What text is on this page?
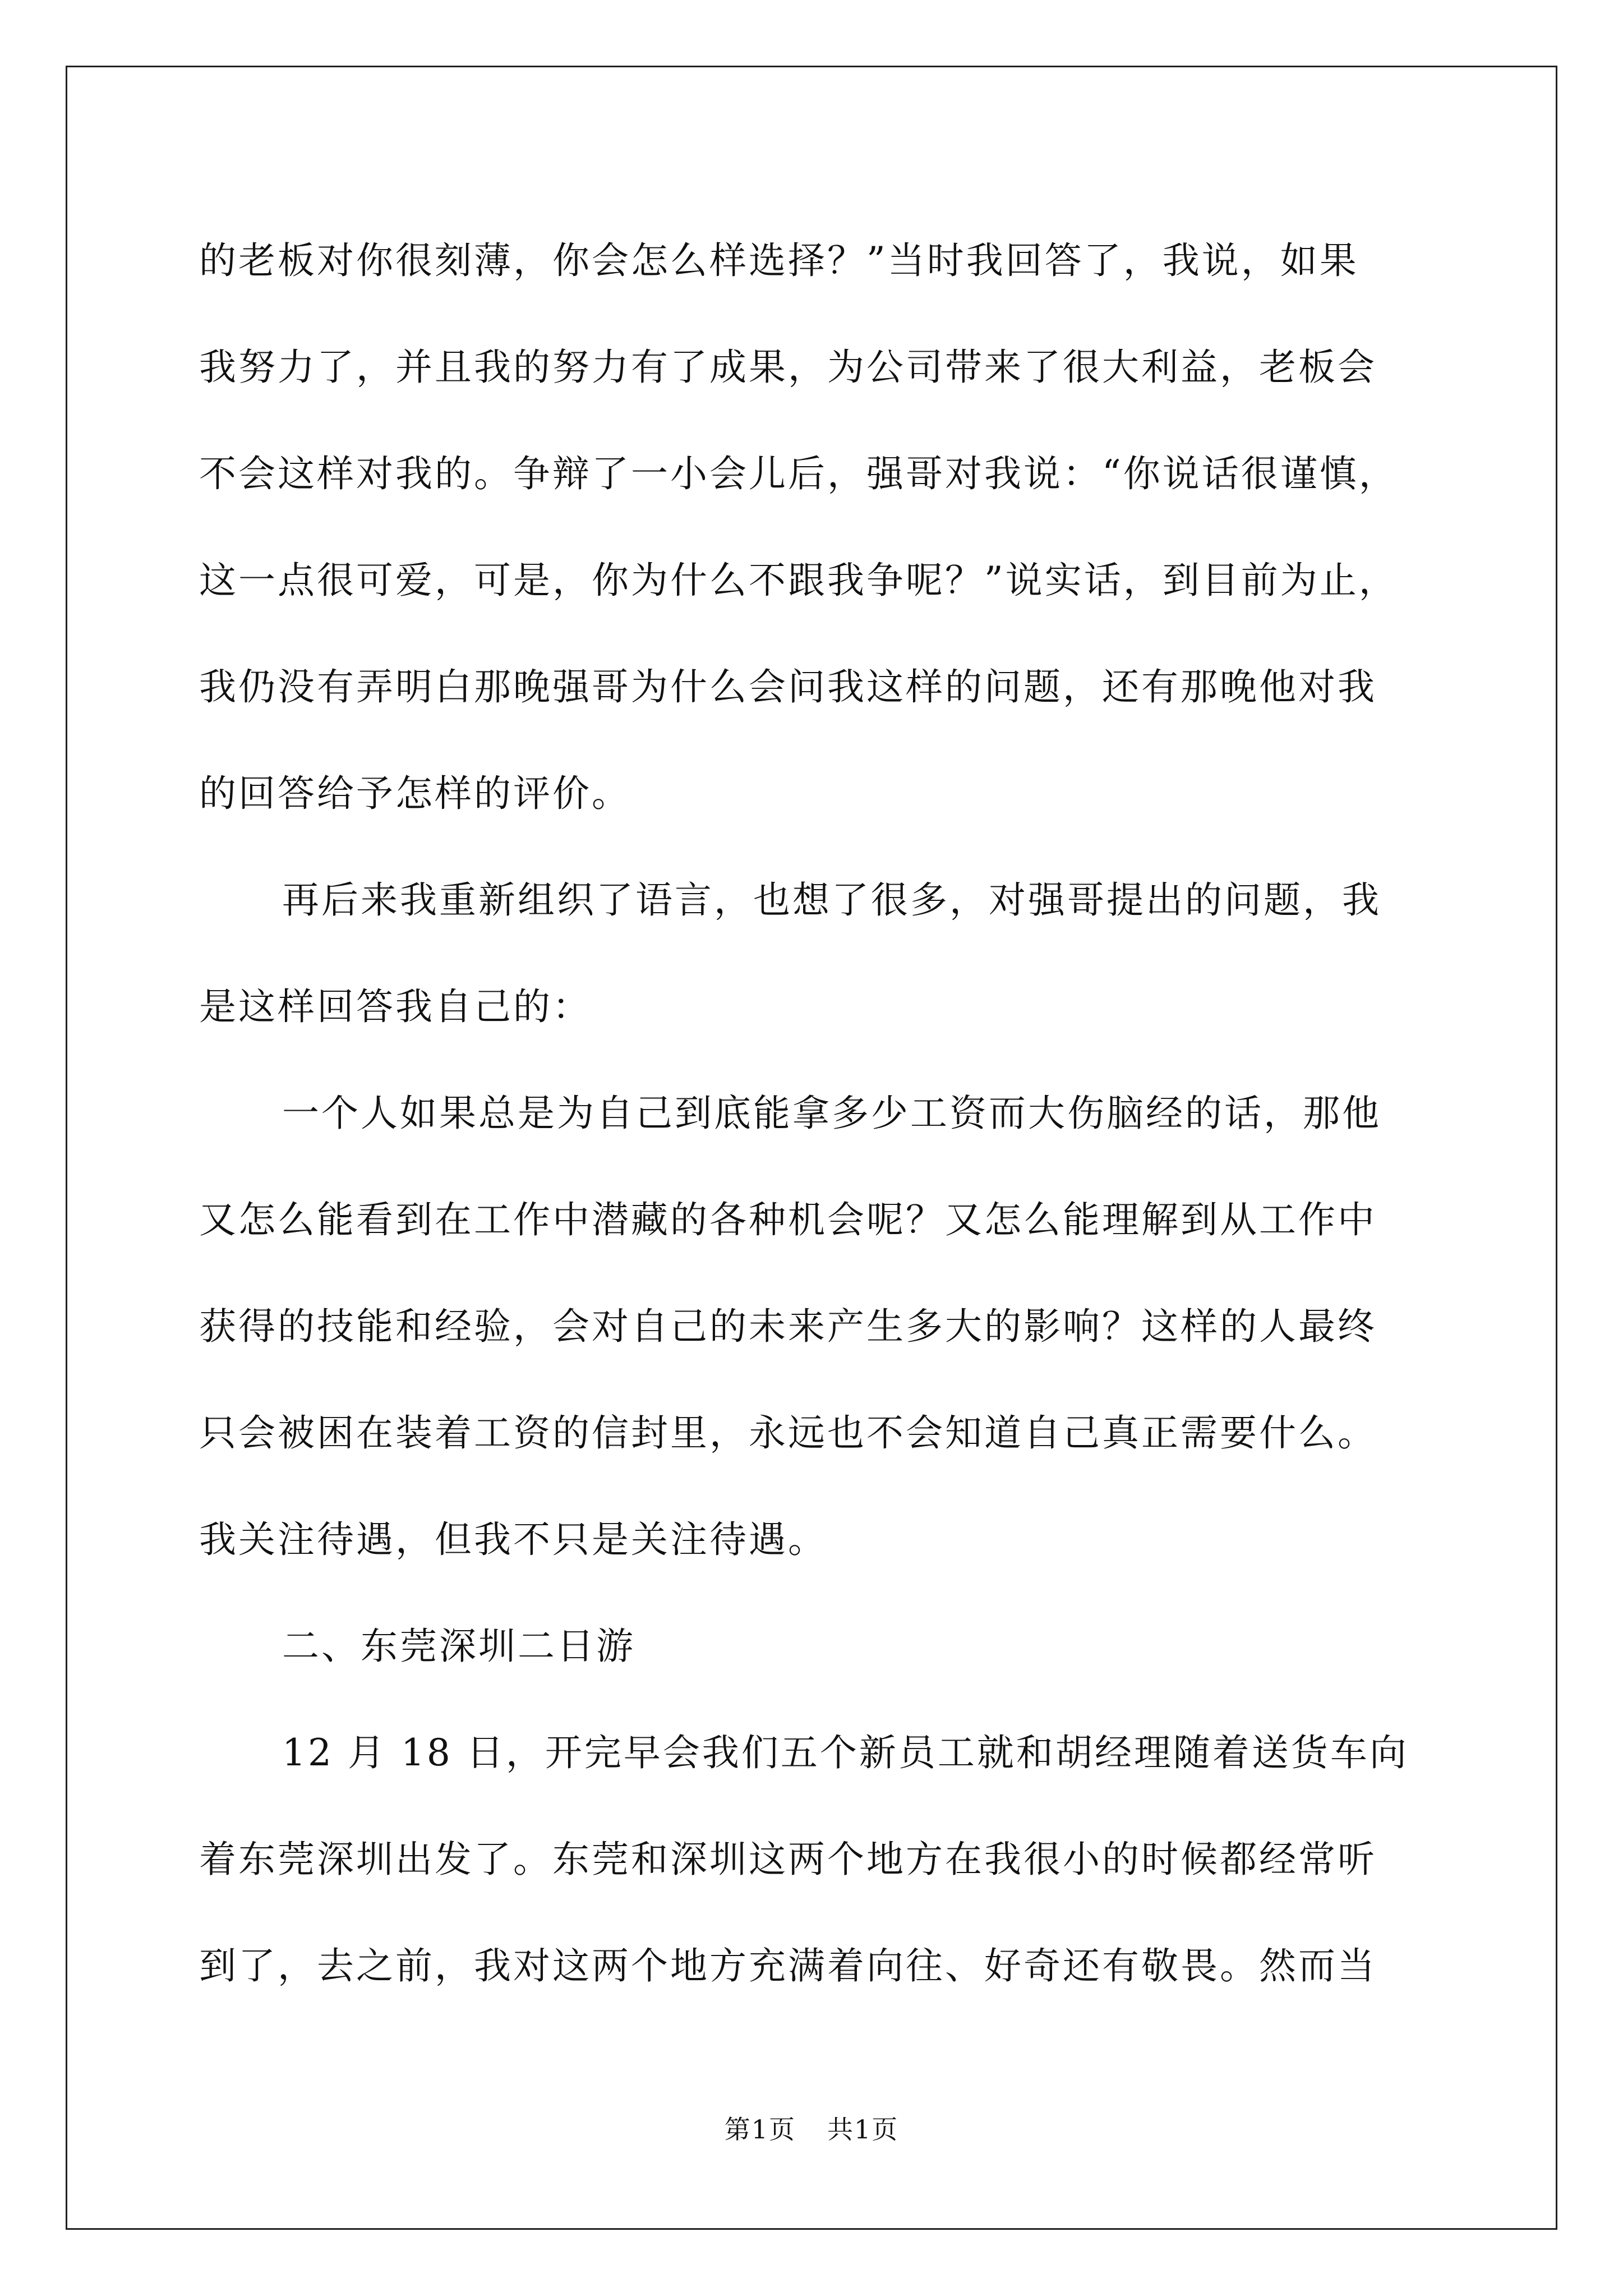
的老板对你很刻薄，你会怎么样选择？”当时我回答了，我说，如果
我努力了，并且我的努力有了成果，为公司带来了很大利益，老板会
不会这样对我的。争辩了一小会儿后，强哥对我说：“你说话很谨慎，
这一点很可爱，可是，你为什么不跟我争呢？”说实话，到目前为止，
我仍没有弄明白那晚强哥为什么会问我这样的问题，还有那晚他对我
的回答给予怎样的评价。
再后来我重新组织了语言，也想了很多，对强哥提出的问题，我
是这样回答我自己的：
一个人如果总是为自己到底能拿多少工资而大伤脑经的话，那他
又怎么能看到在工作中潜藏的各种机会呢？又怎么能理解到从工作中
获得的技能和经验，会对自己的未来产生多大的影响？这样的人最终
只会被困在装着工资的信封里，永远也不会知道自己真正需要什么。
我关注待遇，但我不只是关注待遇。
二、东莞深圳二日游
12 月 18 日，开完早会我们五个新员工就和胡经理随着送货车向
着东莞深圳出发了。东莞和深圳这两个地方在我很小的时候都经常听
到了，去之前，我对这两个地方充满着向往、好奇还有敬畏。然而当
第1页 共1页
